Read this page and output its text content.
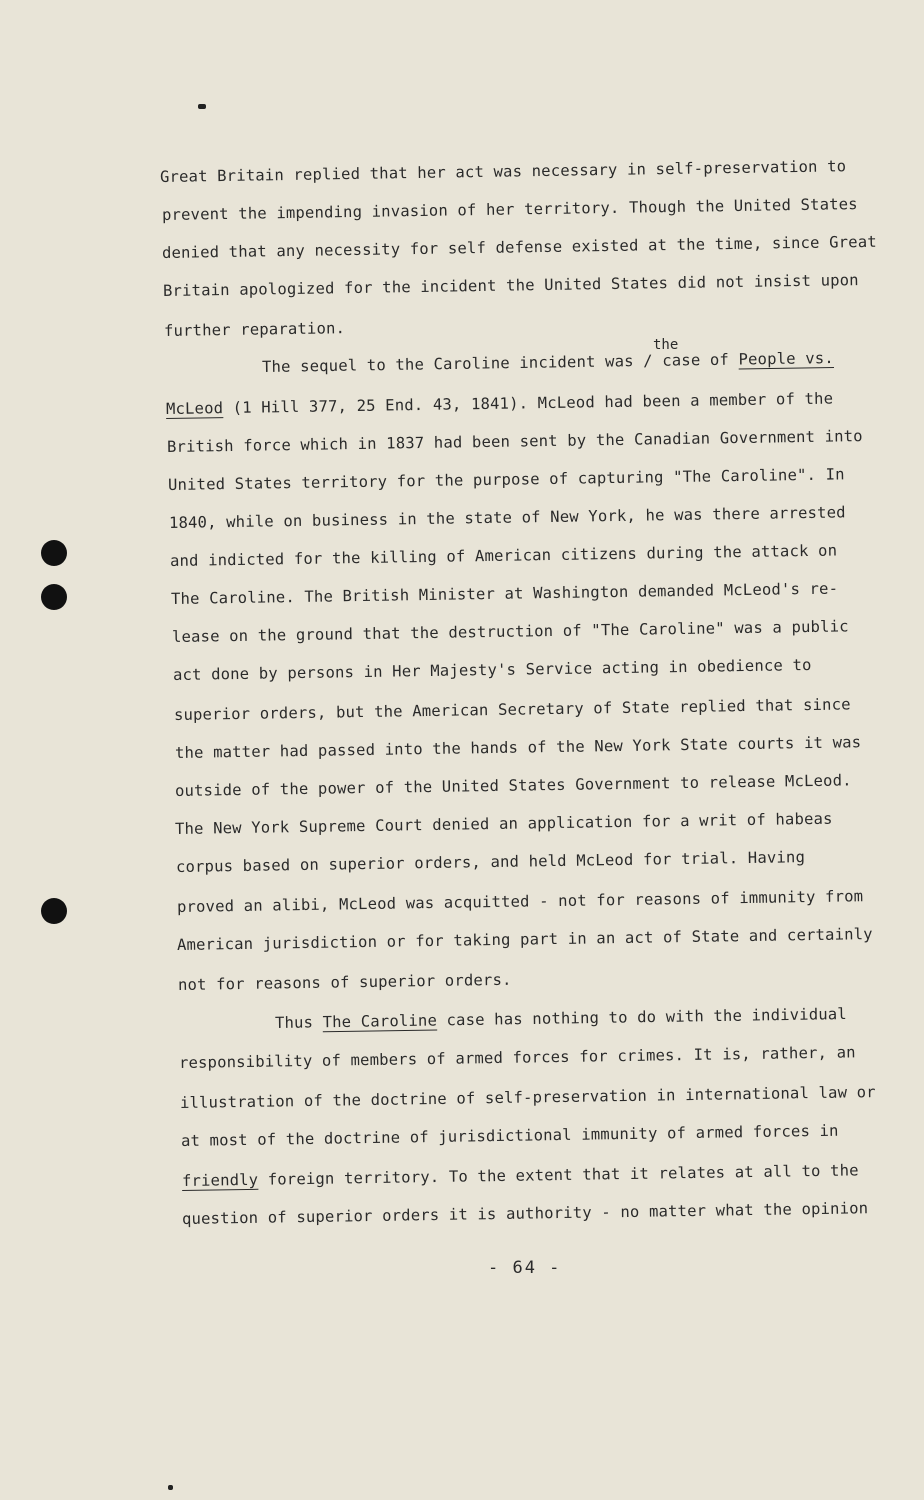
Great Britain replied that her act was necessary in self-preservation to
prevent the impending invasion of her territory. Though the United States
denied that any necessity for self defense existed at the time, since Great
Britain apologized for the incident the United States did not insist upon
further reparation.
the
The sequel to the Caroline incident was / case of People vs.
McLeod (1 Hill 377, 25 End. 43, 1841). McLeod had been a member of the
British force which in 1837 had been sent by the Canadian Government into
United States territory for the purpose of capturing "The Caroline". In
1840, while on business in the state of New York, he was there arrested
and indicted for the killing of American citizens during the attack on
The Caroline. The British Minister at Washington demanded McLeod's re-
lease on the ground that the destruction of "The Caroline" was a public
act done by persons in Her Majesty's Service acting in obedience to
superior orders, but the American Secretary of State replied that since
the matter had passed into the hands of the New York State courts it was
outside of the power of the United States Government to release McLeod.
The New York Supreme Court denied an application for a writ of habeas
corpus based on superior orders, and held McLeod for trial. Having
proved an alibi, McLeod was acquitted - not for reasons of immunity from
American jurisdiction or for taking part in an act of State and certainly
not for reasons of superior orders.
Thus The Caroline case has nothing to do with the individual
responsibility of members of armed forces for crimes. It is, rather, an
illustration of the doctrine of self-preservation in international law or
at most of the doctrine of jurisdictional immunity of armed forces in
friendly foreign territory. To the extent that it relates at all to the
question of superior orders it is authority - no matter what the opinion
- 64 -
